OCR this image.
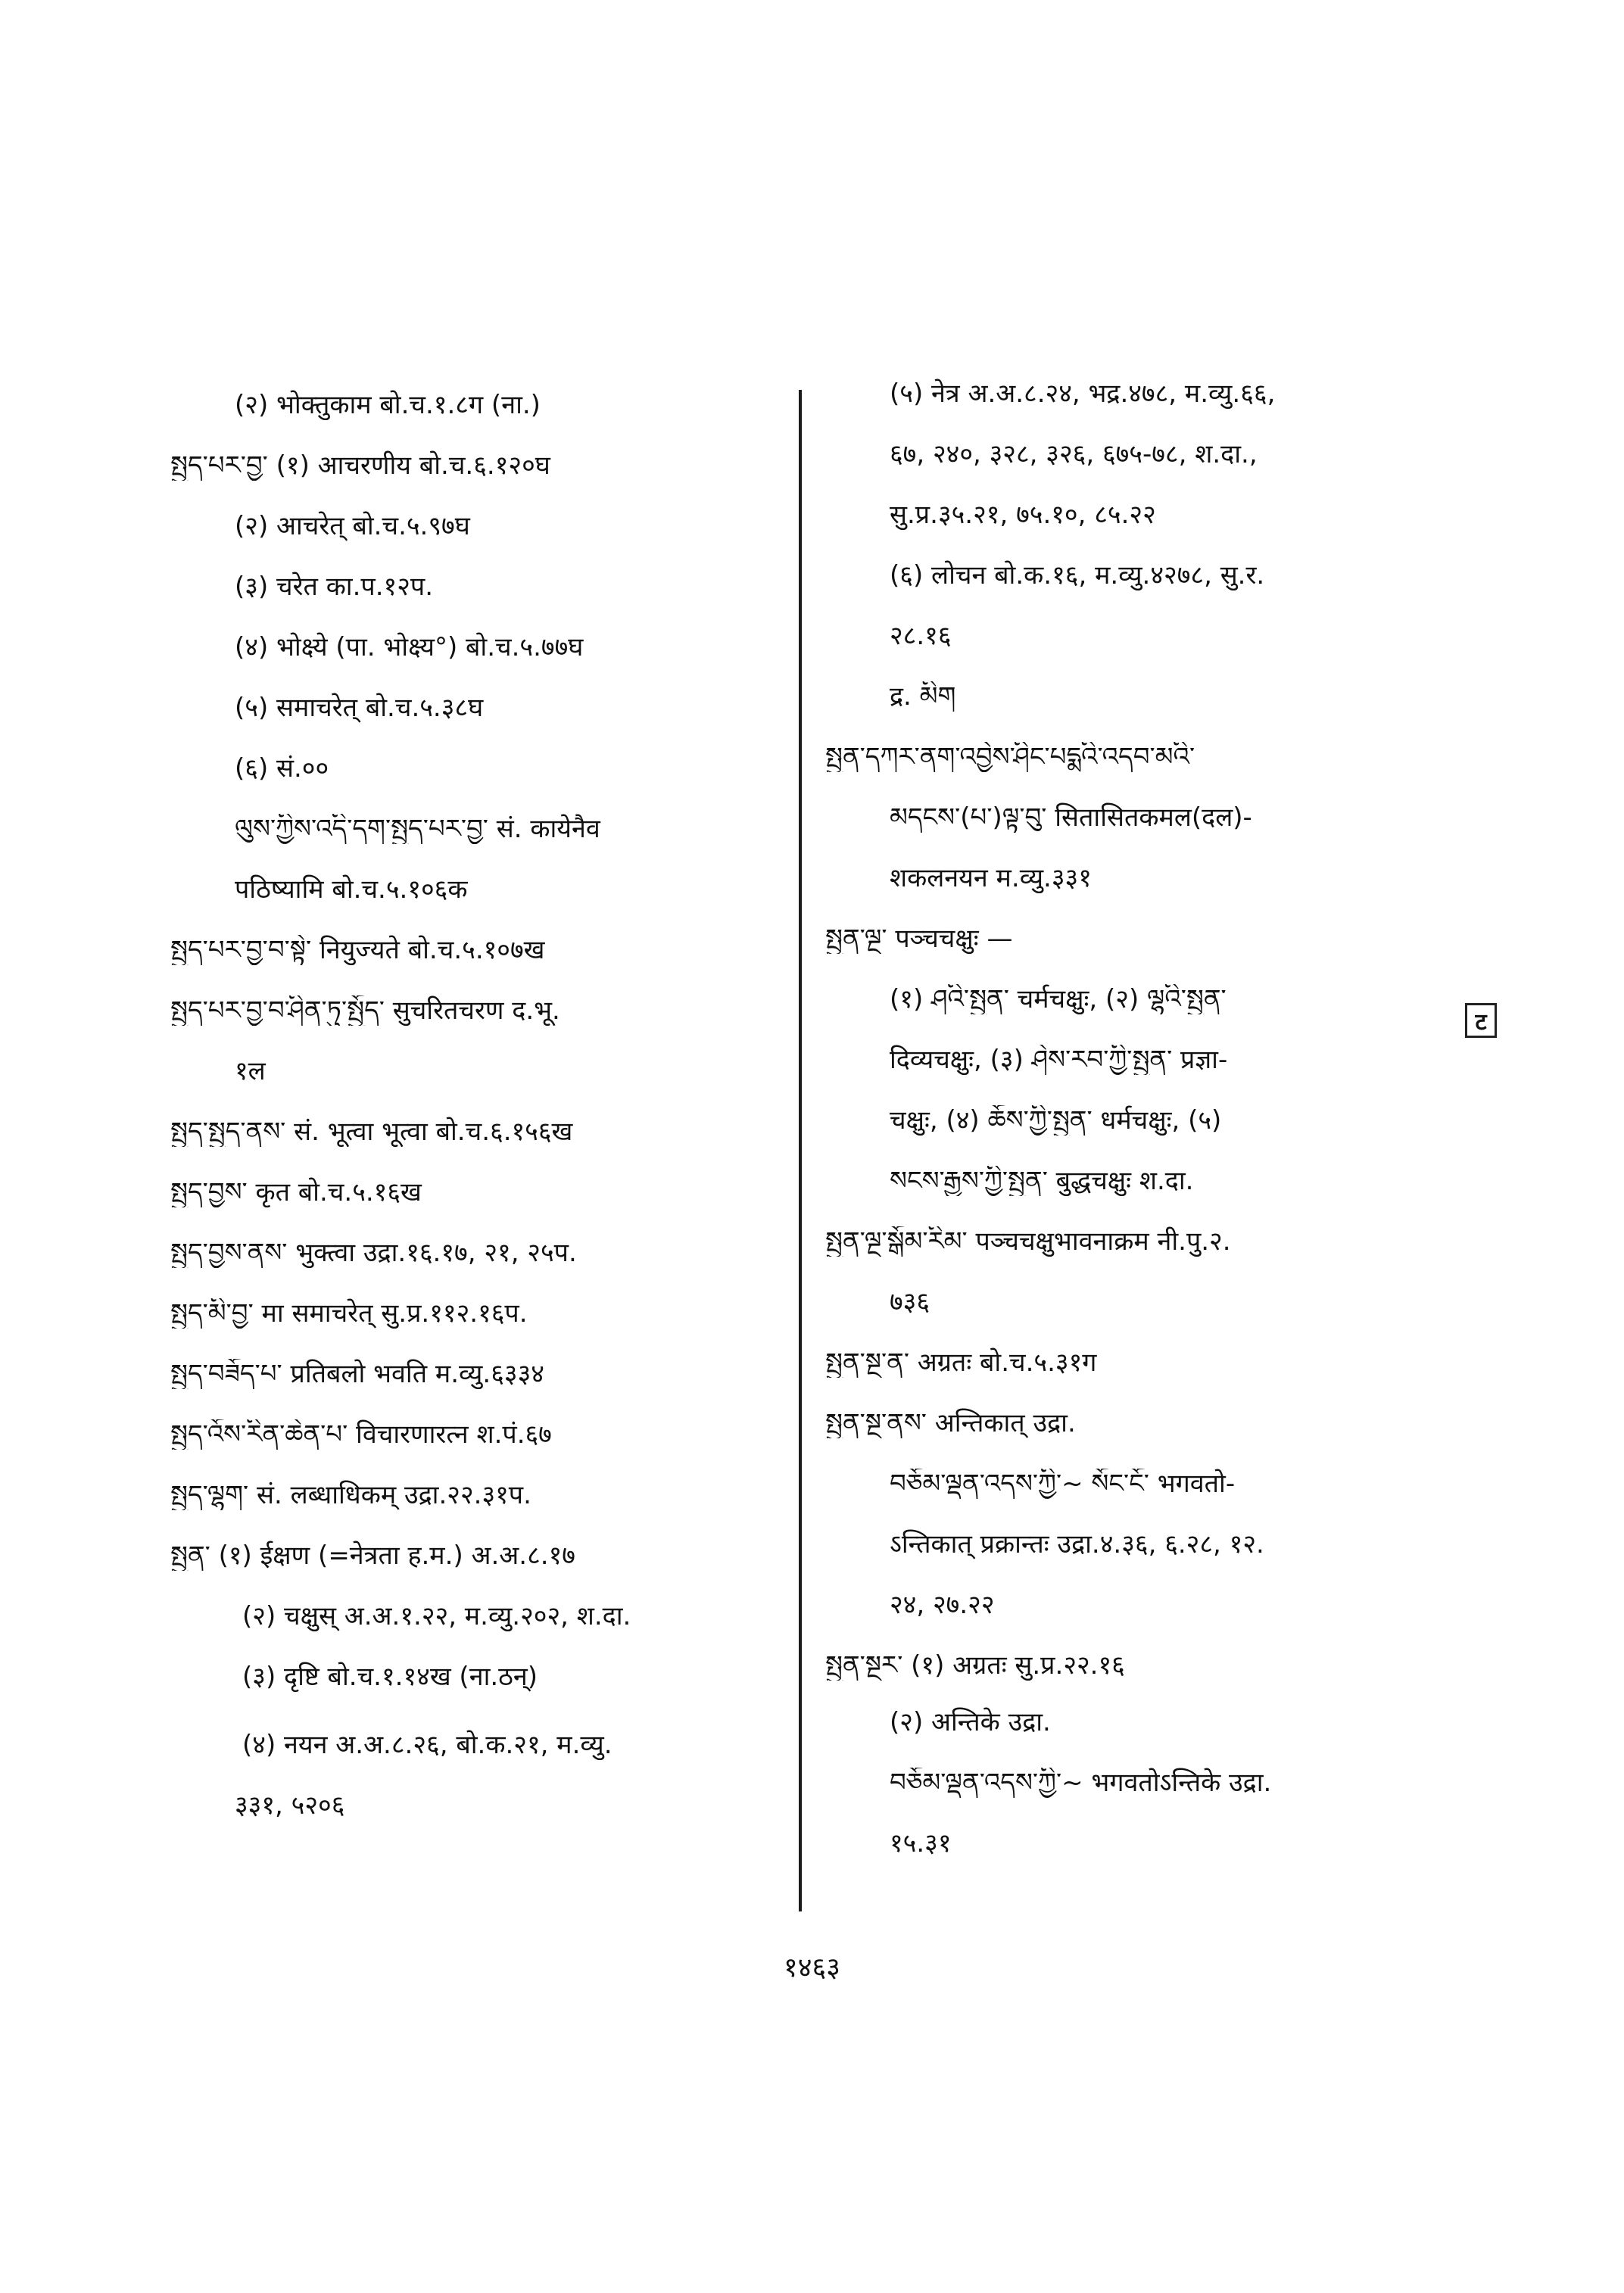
(२) भोक्तुकाम बो.च.१.८ग (ना.)
སྤྱད་པར་བྱ་ (१) आचरणीय बो.च.६.१२०घ
(२) आचरेत् बो.च.५.९७घ
(३) चरेत का.प.१२प.
(४) भोक्ष्ये (पा. भोक्ष्य°) बो.च.५.७७घ
(५) समाचरेत् बो.च.५.३८घ
(६) सं.००
ལུས་ཀྱིས་འདི་དག་སྤྱད་པར་བྱ་ सं. कायेनैव
पठिष्यामि बो.च.५.१०६क
སྤྱད་པར་བྱ་བ་སྟེ་ नियुज्यते बो.च.५.१०७ख
སྤྱད་པར་བྱ་བ་ཤིན་ཏུ་སྤྱོད་ सुचरितचरण द.भू.
१ल
སྤྱད་སྤྱད་ནས་ सं. भूत्वा भूत्वा बो.च.६.१५६ख
སྤྱད་བྱས་ कृत बो.च.५.१६ख
སྤྱད་བྱས་ནས་ भुक्त्वा उद्रा.१६.१७, २१, २५प.
སྤྱད་མི་བྱ་ मा समाचरेत् सु.प्र.११२.१६प.
སྤྱད་བཟོད་པ་ प्रतिबलो भवति म.व्यु.६३३४
སྤྱད་འོས་རིན་ཆེན་པ་ विचारणारत्न श.पं.६७
སྤྱད་ལྷག་ सं. लब्धाधिकम् उद्रा.२२.३१प.
སྤྱན་ (१) ईक्षण (=नेत्रता ह.म.) अ.अ.८.१७
(२) चक्षुस् अ.अ.१.२२, म.व्यु.२०२, श.दा.
(३) दृष्टि बो.च.१.१४ख (ना.ठन्)
(४) नयन अ.अ.८.२६, बो.क.२१, म.व्यु.
३३१, ५२०६
(५) नेत्र अ.अ.८.२४, भद्र.४७८, म.व्यु.६६,
६७, २४०, ३२८, ३२६, ६७५-७८, श.दा.,
सु.प्र.३५.२१, ७५.१०, ८५.२२
(६) लोचन बो.क.१६, म.व्यु.४२७८, सु.र.
२८.१६
द्र. མིག
སྤྱན་དཀར་ནག་འབྱེས་ཤིང་པདྨའི་འདབ་མའི་
མདངས་(པ་)ལྟ་བུ་ सितासितकमल(दल)-
शकलनयन म.व्यु.३३१
སྤྱན་ལྔ་ पञ्चचक्षुः —
(१) ཤའི་སྤྱན་ चर्मचक्षुः, (२) ལྷའི་སྤྱན་
दिव्यचक्षुः, (३) ཤེས་རབ་ཀྱི་སྤྱན་ प्रज्ञा-
चक्षुः, (४) ཆོས་ཀྱི་སྤྱན་ धर्मचक्षुः, (५)
སངས་རྒྱས་ཀྱི་སྤྱན་ बुद्धचक्षुः श.दा.
སྤྱན་ལྔ་སྒོམ་རིམ་ पञ्चचक्षुभावनाक्रम नी.पु.२.
७३६
སྤྱན་སྔ་ན་ अग्रतः बो.च.५.३१ग
སྤྱན་སྔ་ནས་ अन्तिकात् उद्रा.
བཅོམ་ལྡན་འདས་ཀྱི་~ སོང་ངོ་ भगवतो-
ऽन्तिकात् प्रक्रान्तः उद्रा.४.३६, ६.२८, १२.
२४, २७.२२
སྤྱན་སྔར་ (१) अग्रतः सु.प्र.२२.१६
(२) अन्तिके उद्रा.
བཅོམ་ལྡན་འདས་ཀྱི་~ भगवतोऽन्तिके उद्रा.
१५.३१
ट
१४६३
